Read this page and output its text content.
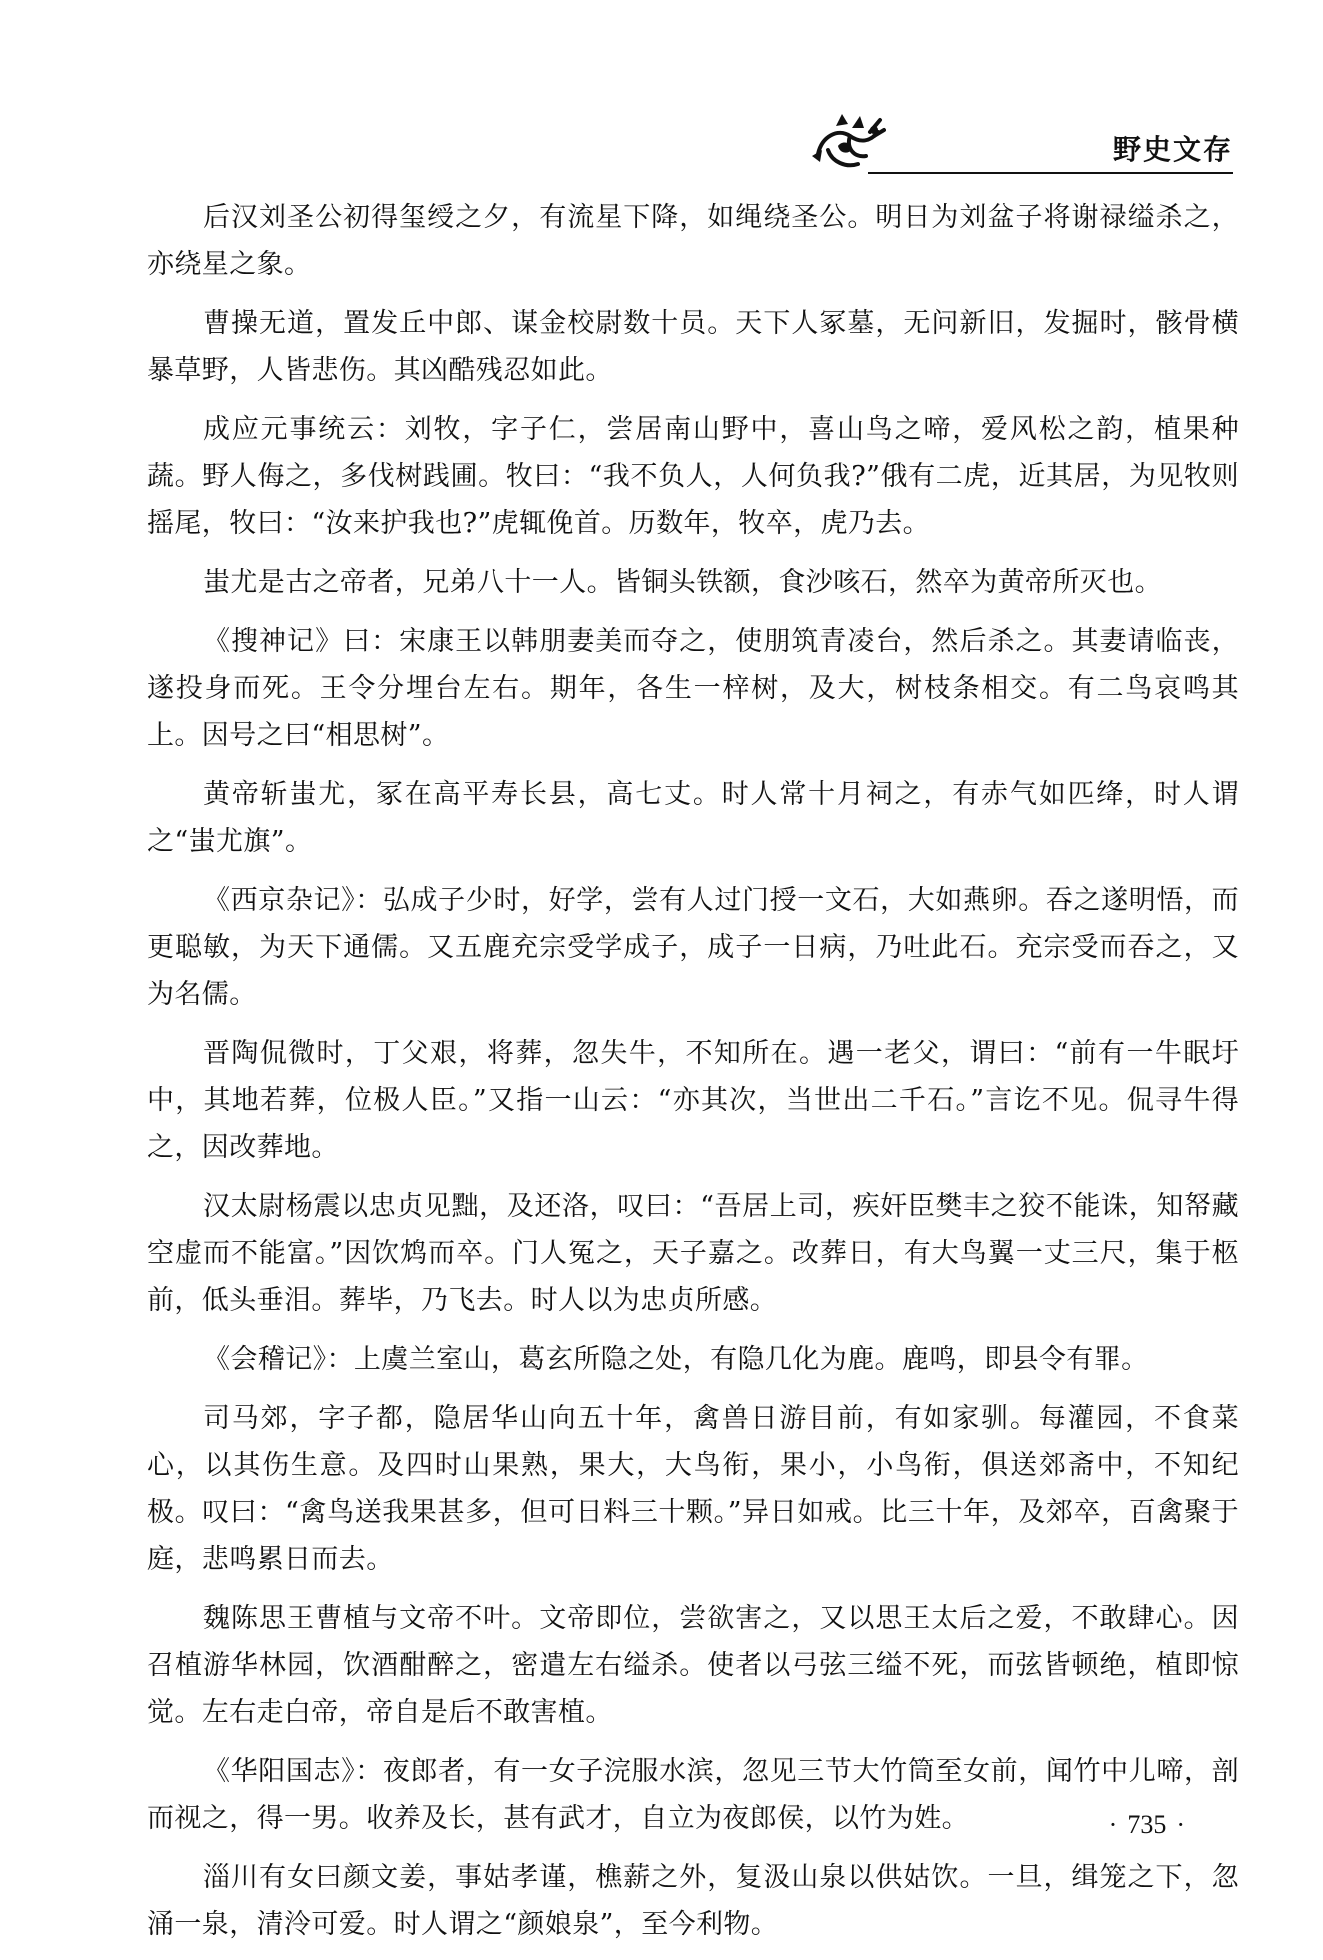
野史文存

后汉刘圣公初得玺绶之夕，有流星下降，如绳绕圣公。明日为刘盆子将谢禄缢杀之，亦绕星之象。

曹操无道，置发丘中郎、谋金校尉数十员。天下人冢墓，无问新旧，发掘时，骸骨横暴草野，人皆悲伤。其凶酷残忍如此。

成应元事统云：刘牧，字子仁，尝居南山野中，喜山鸟之啼，爱风松之韵，植果种蔬。野人侮之，多伐树践圃。牧曰：“我不负人，人何负我?”俄有二虎，近其居，为见牧则摇尾，牧曰：“汝来护我也?”虎辄俛首。历数年，牧卒，虎乃去。

蚩尤是古之帝者，兄弟八十一人。皆铜头铁额，食沙咳石，然卒为黄帝所灭也。

《搜神记》曰：宋康王以韩朋妻美而夺之，使朋筑青凌台，然后杀之。其妻请临丧，遂投身而死。王令分埋台左右。期年，各生一梓树，及大，树枝条相交。有二鸟哀鸣其上。因号之曰“相思树”。

黄帝斩蚩尤，冢在高平寿长县，高七丈。时人常十月祠之，有赤气如匹绛，时人谓之“蚩尤旗”。

《西京杂记》：弘成子少时，好学，尝有人过门授一文石，大如燕卵。吞之遂明悟，而更聪敏，为天下通儒。又五鹿充宗受学成子，成子一日病，乃吐此石。充宗受而吞之，又为名儒。

晋陶侃微时，丁父艰，将葬，忽失牛，不知所在。遇一老父，谓曰：“前有一牛眠圩中，其地若葬，位极人臣。”又指一山云：“亦其次，当世出二千石。”言讫不见。侃寻牛得之，因改葬地。

汉太尉杨震以忠贞见黜，及还洛，叹曰：“吾居上司，疾奸臣樊丰之狡不能诛，知帑藏空虚而不能富。”因饮鸩而卒。门人冤之，天子嘉之。改葬日，有大鸟翼一丈三尺，集于柩前，低头垂泪。葬毕，乃飞去。时人以为忠贞所感。

《会稽记》：上虞兰室山，葛玄所隐之处，有隐几化为鹿。鹿鸣，即县令有罪。

司马郊，字子都，隐居华山向五十年，禽兽日游目前，有如家驯。每灌园，不食菜心，以其伤生意。及四时山果熟，果大，大鸟衔，果小，小鸟衔，俱送郊斋中，不知纪极。叹曰：“禽鸟送我果甚多，但可日料三十颗。”异日如戒。比三十年，及郊卒，百禽聚于庭，悲鸣累日而去。

魏陈思王曹植与文帝不叶。文帝即位，尝欲害之，又以思王太后之爱，不敢肆心。因召植游华林园，饮酒酣醉之，密遣左右缢杀。使者以弓弦三缢不死，而弦皆顿绝，植即惊觉。左右走白帝，帝自是后不敢害植。

《华阳国志》：夜郎者，有一女子浣服水滨，忽见三节大竹筒至女前，闻竹中儿啼，剖而视之，得一男。收养及长，甚有武才，自立为夜郎侯，以竹为姓。

淄川有女曰颜文姜，事姑孝谨，樵薪之外，复汲山泉以供姑饮。一旦，缉笼之下，忽涌一泉，清泠可爱。时人谓之“颜娘泉”，至今利物。

· 735 ·
